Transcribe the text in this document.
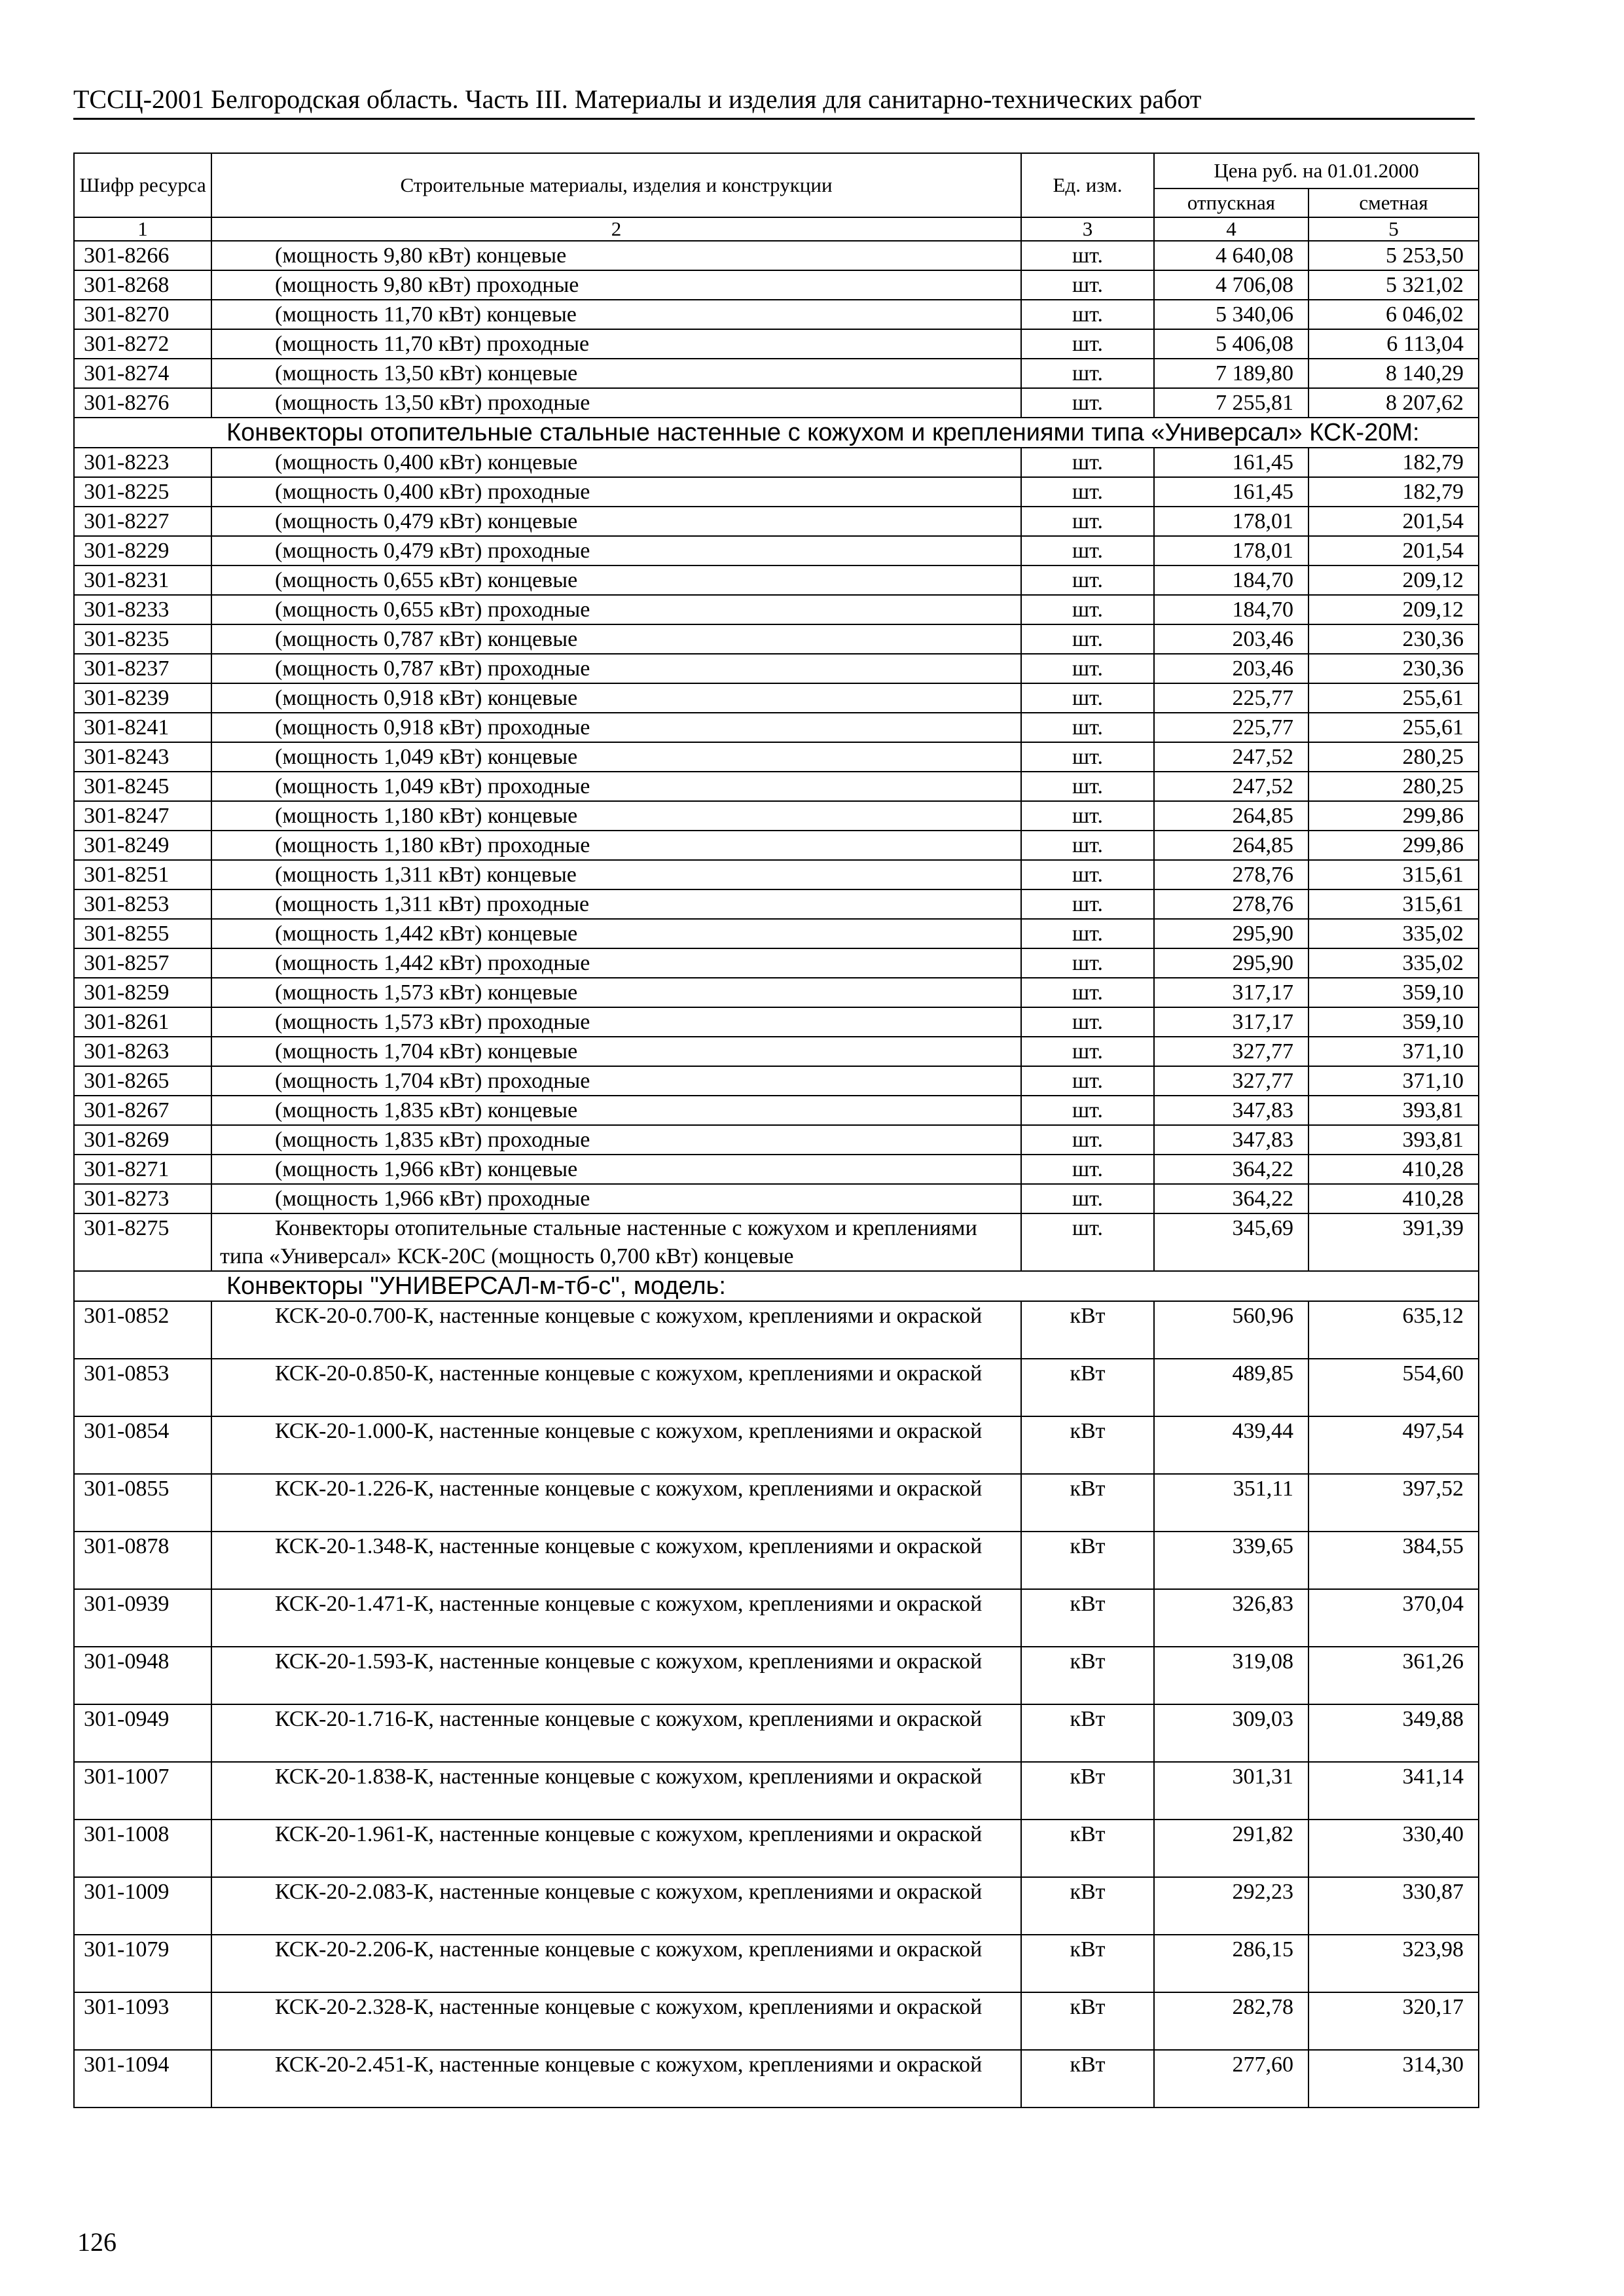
ТССЦ-2001 Белгородская область. Часть III. Материалы и изделия для санитарно-технических работ
Шифр ресурса	Строительные материалы, изделия и конструкции	Ед. изм.	Цена руб. на 01.01.2000	
			отпускная	сметная
1	2	3	4	5
301-8266	(мощность 9,80 кВт) концевые	шт.	4 640,08	5 253,50
301-8268	(мощность 9,80 кВт) проходные	шт.	4 706,08	5 321,02
301-8270	(мощность 11,70 кВт) концевые	шт.	5 340,06	6 046,02
301-8272	(мощность 11,70 кВт) проходные	шт.	5 406,08	6 113,04
301-8274	(мощность 13,50 кВт) концевые	шт.	7 189,80	8 140,29
301-8276	(мощность 13,50 кВт) проходные	шт.	7 255,81	8 207,62
Конвекторы отопительные стальные настенные с кожухом и креплениями типа «Универсал» КСК-20М:				
301-8223	(мощность 0,400 кВт) концевые	шт.	161,45	182,79
301-8225	(мощность 0,400 кВт) проходные	шт.	161,45	182,79
301-8227	(мощность 0,479 кВт) концевые	шт.	178,01	201,54
301-8229	(мощность 0,479 кВт) проходные	шт.	178,01	201,54
301-8231	(мощность 0,655 кВт) концевые	шт.	184,70	209,12
301-8233	(мощность 0,655 кВт) проходные	шт.	184,70	209,12
301-8235	(мощность 0,787 кВт) концевые	шт.	203,46	230,36
301-8237	(мощность 0,787 кВт) проходные	шт.	203,46	230,36
301-8239	(мощность 0,918 кВт) концевые	шт.	225,77	255,61
301-8241	(мощность 0,918 кВт) проходные	шт.	225,77	255,61
301-8243	(мощность 1,049 кВт) концевые	шт.	247,52	280,25
301-8245	(мощность 1,049 кВт) проходные	шт.	247,52	280,25
301-8247	(мощность 1,180 кВт) концевые	шт.	264,85	299,86
301-8249	(мощность 1,180 кВт) проходные	шт.	264,85	299,86
301-8251	(мощность 1,311 кВт) концевые	шт.	278,76	315,61
301-8253	(мощность 1,311 кВт) проходные	шт.	278,76	315,61
301-8255	(мощность 1,442 кВт) концевые	шт.	295,90	335,02
301-8257	(мощность 1,442 кВт) проходные	шт.	295,90	335,02
301-8259	(мощность 1,573 кВт) концевые	шт.	317,17	359,10
301-8261	(мощность 1,573 кВт) проходные	шт.	317,17	359,10
301-8263	(мощность 1,704 кВт) концевые	шт.	327,77	371,10
301-8265	(мощность 1,704 кВт) проходные	шт.	327,77	371,10
301-8267	(мощность 1,835 кВт) концевые	шт.	347,83	393,81
301-8269	(мощность 1,835 кВт) проходные	шт.	347,83	393,81
301-8271	(мощность 1,966 кВт) концевые	шт.	364,22	410,28
301-8273	(мощность 1,966 кВт) проходные	шт.	364,22	410,28
301-8275	Конвекторы отопительные стальные настенные с кожухом и креплениями типа «Универсал» КСК-20С (мощность 0,700 кВт) концевые	шт.	345,69	391,39
Конвекторы "УНИВЕРСАЛ-м-тб-с", модель:				
301-0852	КСК-20-0.700-К, настенные концевые с кожухом, креплениями и окраской	кВт	560,96	635,12
301-0853	КСК-20-0.850-К, настенные концевые с кожухом, креплениями и окраской	кВт	489,85	554,60
301-0854	КСК-20-1.000-К, настенные концевые с кожухом, креплениями и окраской	кВт	439,44	497,54
301-0855	КСК-20-1.226-К, настенные концевые с кожухом, креплениями и окраской	кВт	351,11	397,52
301-0878	КСК-20-1.348-К, настенные концевые с кожухом, креплениями и окраской	кВт	339,65	384,55
301-0939	КСК-20-1.471-К, настенные концевые с кожухом, креплениями и окраской	кВт	326,83	370,04
301-0948	КСК-20-1.593-К, настенные концевые с кожухом, креплениями и окраской	кВт	319,08	361,26
301-0949	КСК-20-1.716-К, настенные концевые с кожухом, креплениями и окраской	кВт	309,03	349,88
301-1007	КСК-20-1.838-К, настенные концевые с кожухом, креплениями и окраской	кВт	301,31	341,14
301-1008	КСК-20-1.961-К, настенные концевые с кожухом, креплениями и окраской	кВт	291,82	330,40
301-1009	КСК-20-2.083-К, настенные концевые с кожухом, креплениями и окраской	кВт	292,23	330,87
301-1079	КСК-20-2.206-К, настенные концевые с кожухом, креплениями и окраской	кВт	286,15	323,98
301-1093	КСК-20-2.328-К, настенные концевые с кожухом, креплениями и окраской	кВт	282,78	320,17
301-1094	КСК-20-2.451-К, настенные концевые с кожухом, креплениями и окраской	кВт	277,60	314,30
126
